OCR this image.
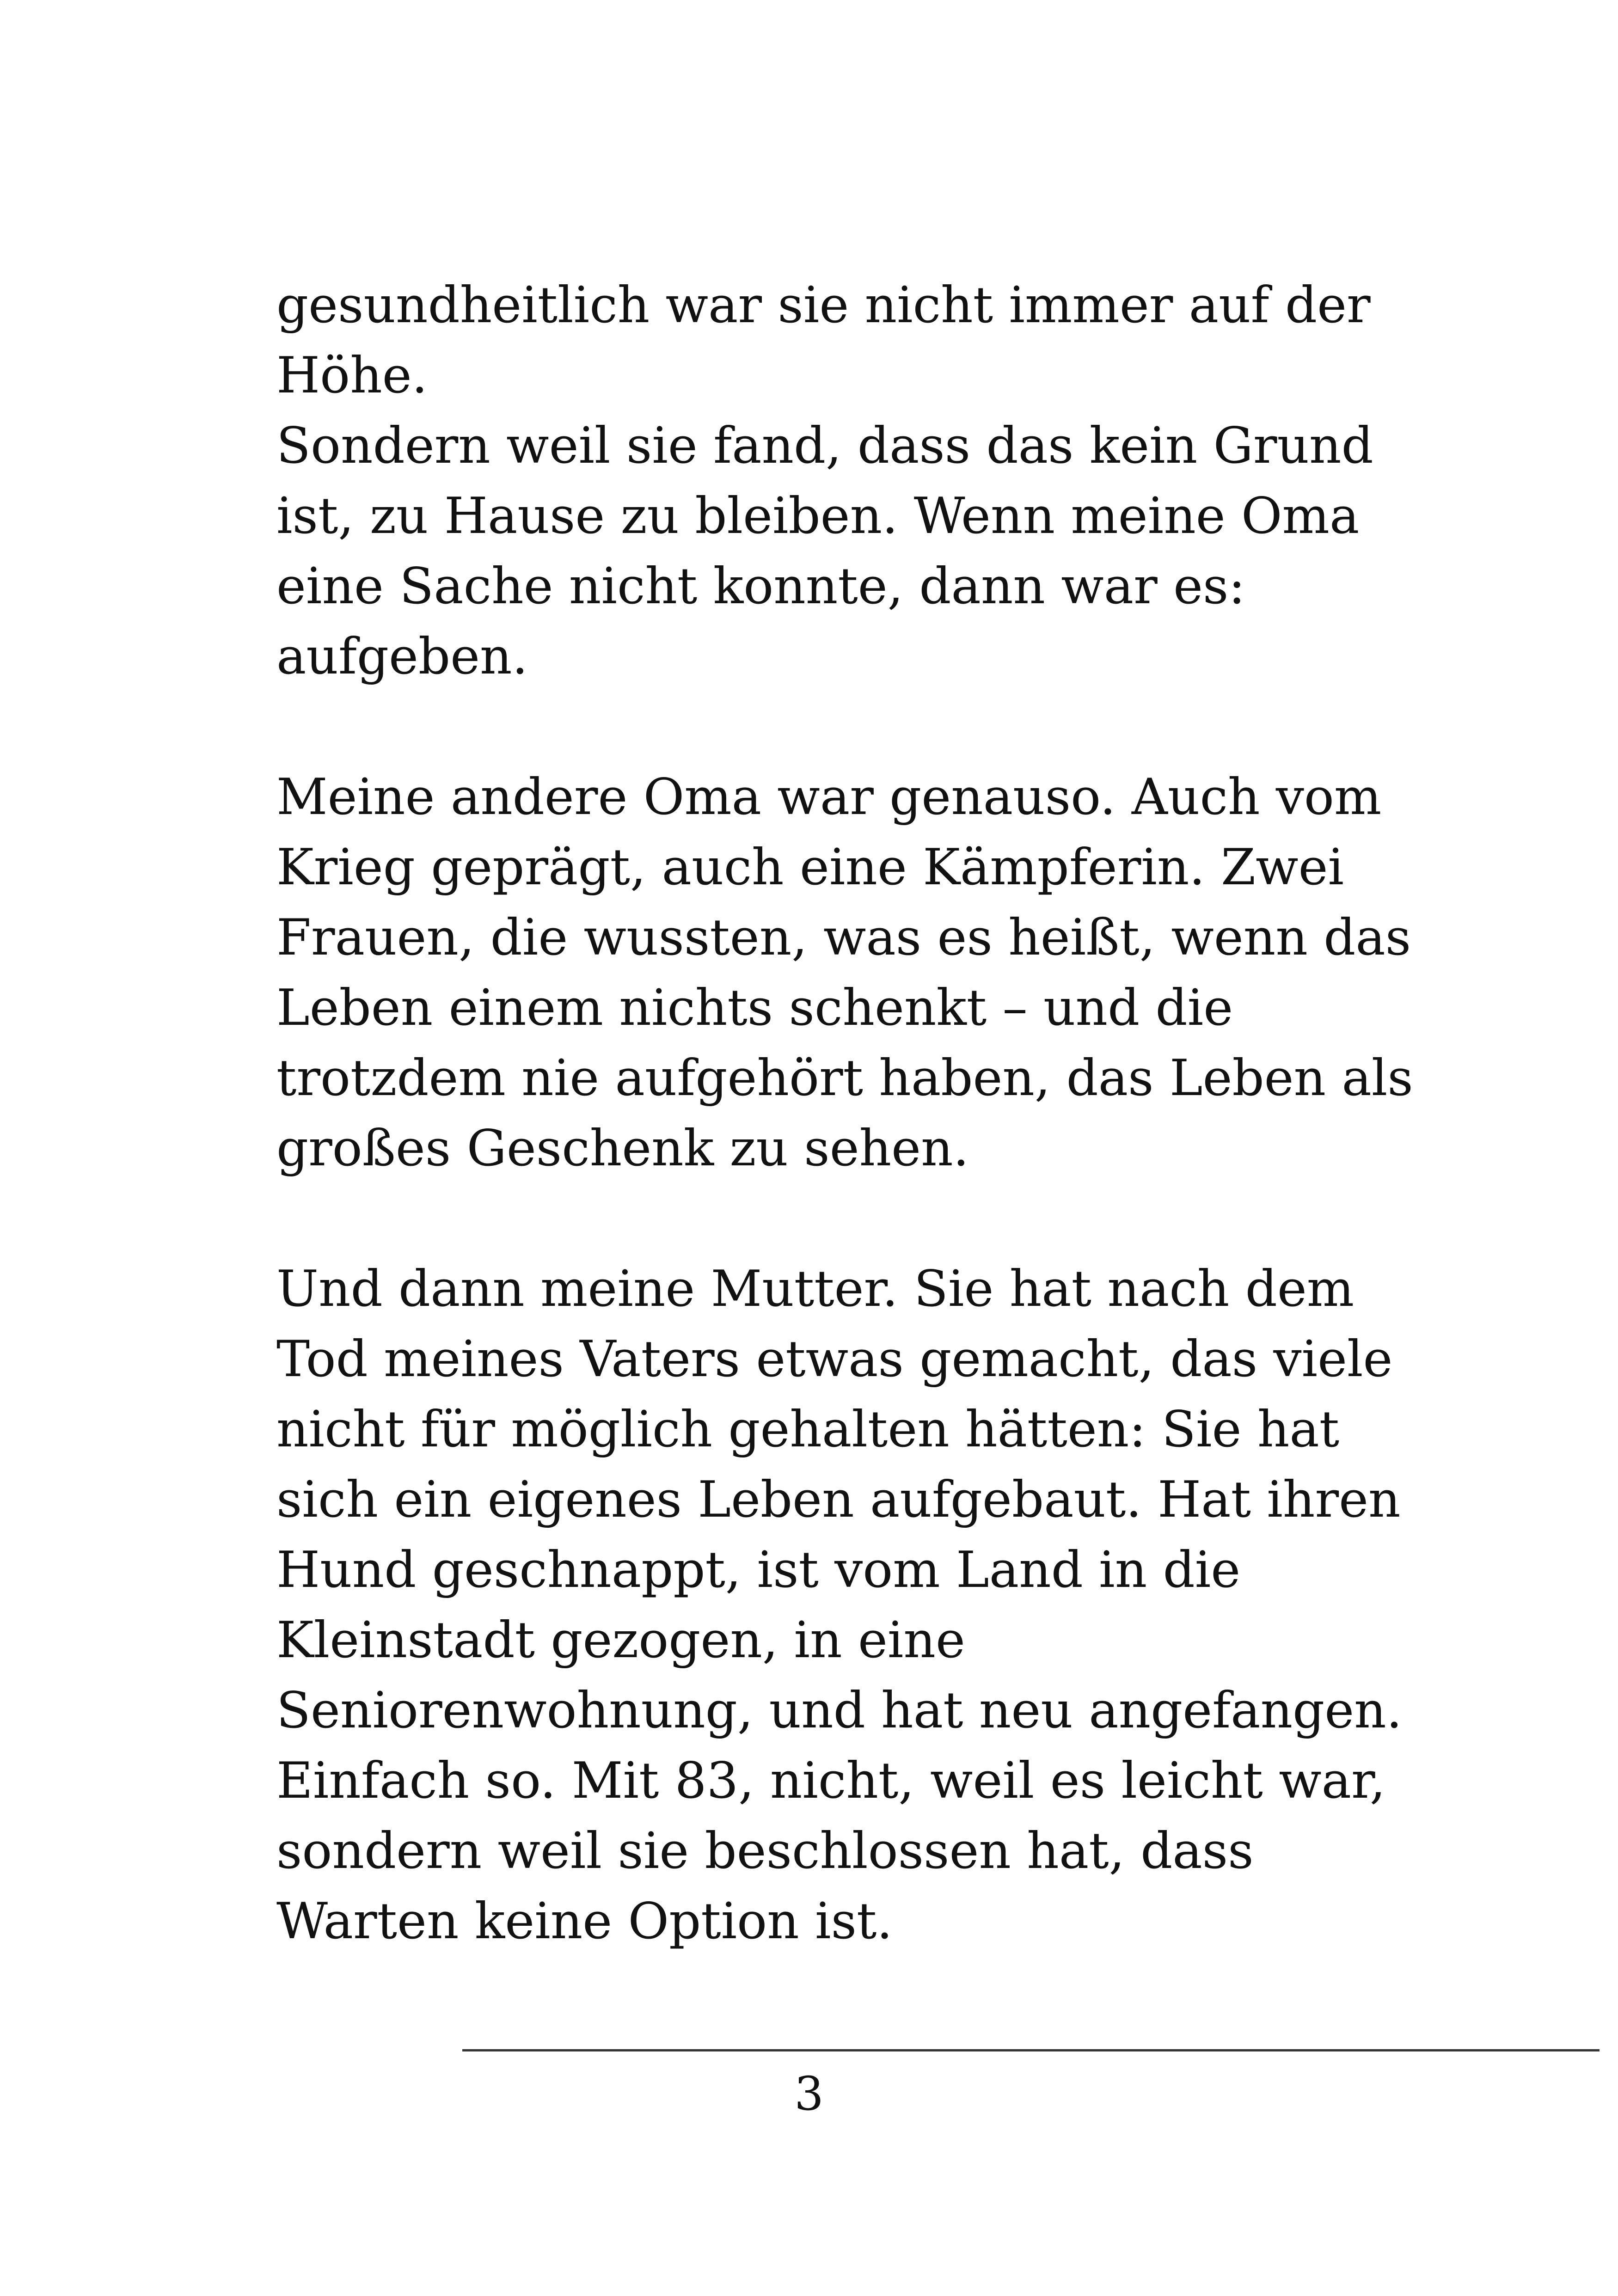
gesundheitlich war sie nicht immer auf der
Höhe.
Sondern weil sie fand, dass das kein Grund
ist, zu Hause zu bleiben. Wenn meine Oma
eine Sache nicht konnte, dann war es:
aufgeben.
Meine andere Oma war genauso. Auch vom
Krieg geprägt, auch eine Kämpferin. Zwei
Frauen, die wussten, was es heißt, wenn das
Leben einem nichts schenkt – und die
trotzdem nie aufgehört haben, das Leben als
großes Geschenk zu sehen.
Und dann meine Mutter. Sie hat nach dem
Tod meines Vaters etwas gemacht, das viele
nicht für möglich gehalten hätten: Sie hat
sich ein eigenes Leben aufgebaut. Hat ihren
Hund geschnappt, ist vom Land in die
Kleinstadt gezogen, in eine
Seniorenwohnung, und hat neu angefangen.
Einfach so. Mit 83, nicht, weil es leicht war,
sondern weil sie beschlossen hat, dass
Warten keine Option ist.
3
